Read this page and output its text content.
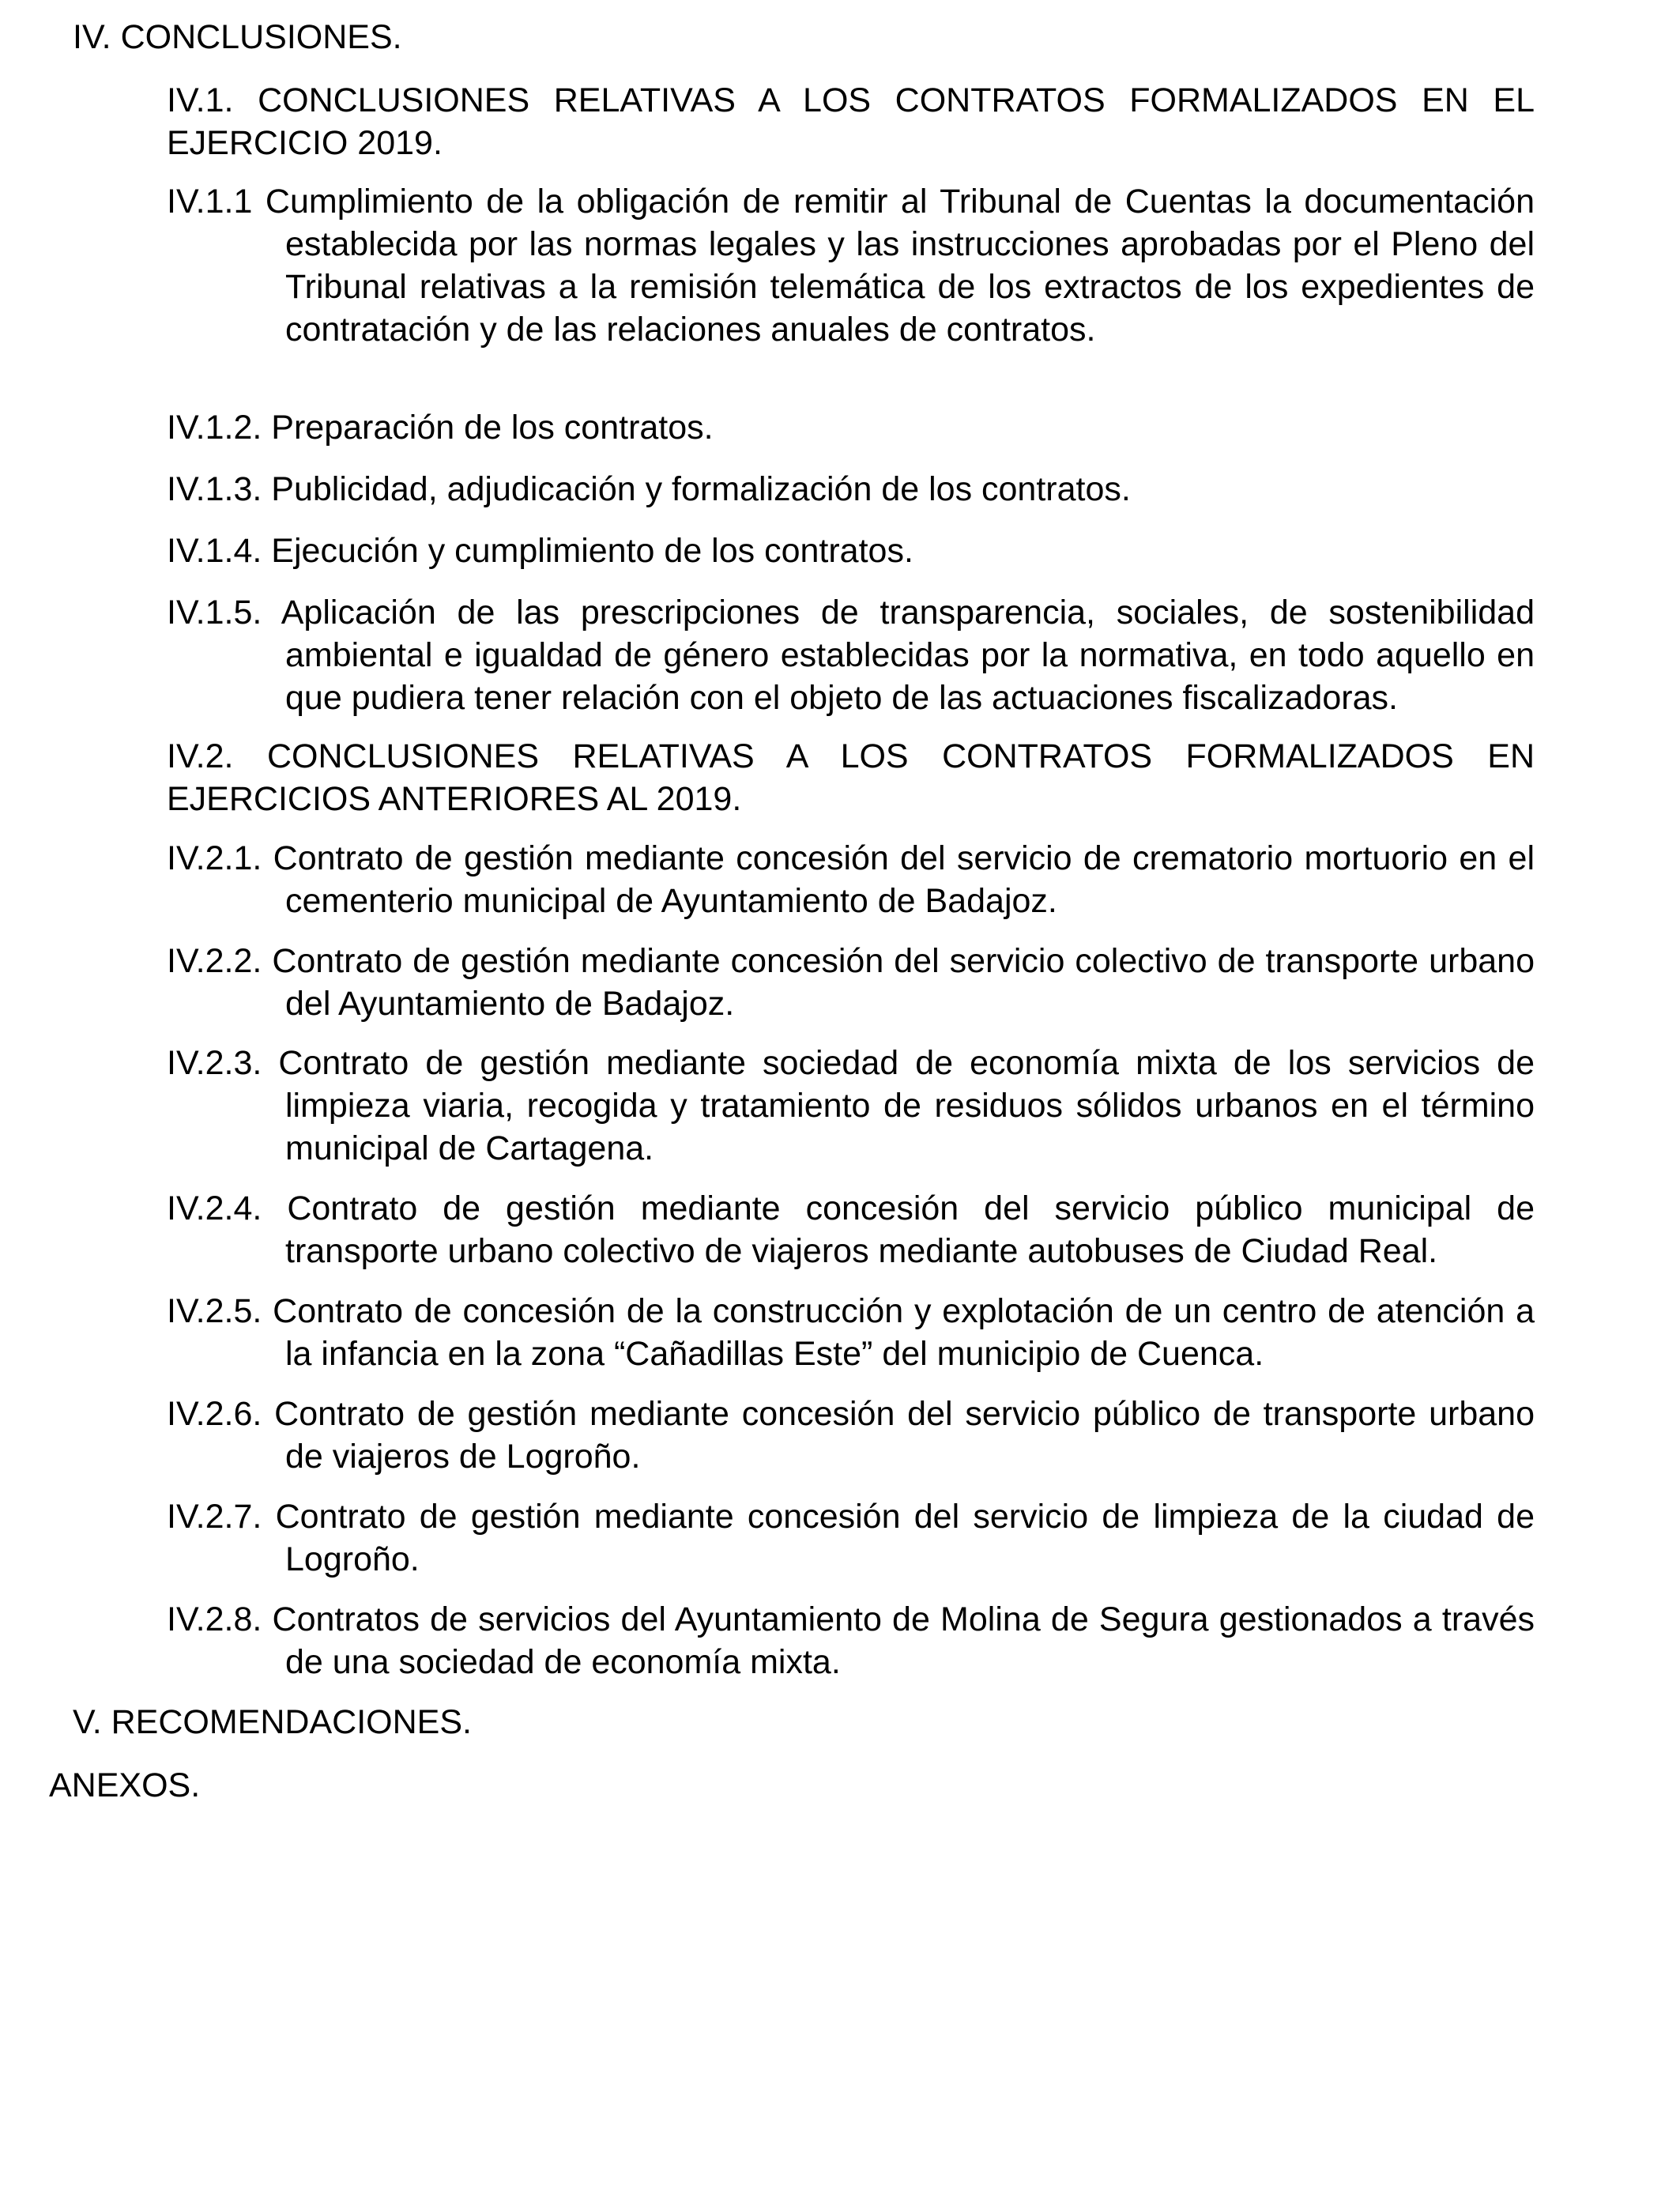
IV. CONCLUSIONES.

IV.1. CONCLUSIONES RELATIVAS A LOS CONTRATOS FORMALIZADOS EN EL EJERCICIO 2019.

IV.1.1 Cumplimiento de la obligación de remitir al Tribunal de Cuentas la documentación establecida por las normas legales y las instrucciones aprobadas por el Pleno del Tribunal relativas a la remisión telemática de los extractos de los expedientes de contratación y de las relaciones anuales de contratos.

IV.1.2. Preparación de los contratos.

IV.1.3. Publicidad, adjudicación y formalización de los contratos.

IV.1.4. Ejecución y cumplimiento de los contratos.

IV.1.5. Aplicación de las prescripciones de transparencia, sociales, de sostenibilidad ambiental e igualdad de género establecidas por la normativa, en todo aquello en que pudiera tener relación con el objeto de las actuaciones fiscalizadoras.

IV.2. CONCLUSIONES RELATIVAS A LOS CONTRATOS FORMALIZADOS EN EJERCICIOS ANTERIORES AL 2019.

IV.2.1. Contrato de gestión mediante concesión del servicio de crematorio mortuorio en el cementerio municipal de Ayuntamiento de Badajoz.

IV.2.2. Contrato de gestión mediante concesión del servicio colectivo de transporte urbano del Ayuntamiento de Badajoz.

IV.2.3. Contrato de gestión mediante sociedad de economía mixta de los servicios de limpieza viaria, recogida y tratamiento de residuos sólidos urbanos en el término municipal de Cartagena.

IV.2.4. Contrato de gestión mediante concesión del servicio público municipal de transporte urbano colectivo de viajeros mediante autobuses de Ciudad Real.

IV.2.5. Contrato de concesión de la construcción y explotación de un centro de atención a la infancia en la zona “Cañadillas Este” del municipio de Cuenca.

IV.2.6. Contrato de gestión mediante concesión del servicio público de transporte urbano de viajeros de Logroño.

IV.2.7. Contrato de gestión mediante concesión del servicio de limpieza de la ciudad de Logroño.

IV.2.8. Contratos de servicios del Ayuntamiento de Molina de Segura gestionados a través de una sociedad de economía mixta.

V. RECOMENDACIONES.

ANEXOS.
